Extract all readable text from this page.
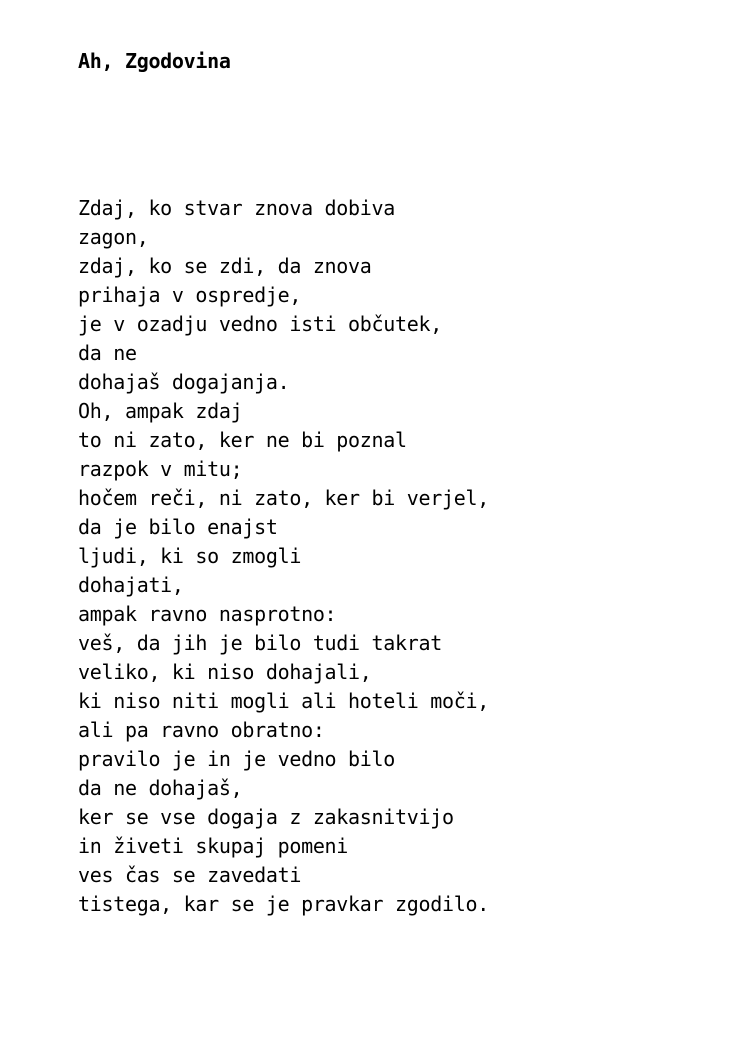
Ah, Zgodovina
Zdaj, ko stvar znova dobiva
zagon,
zdaj, ko se zdi, da znova
prihaja v ospredje,
je v ozadju vedno isti občutek,
da ne
dohajaš dogajanja.
Oh, ampak zdaj
to ni zato, ker ne bi poznal
razpok v mitu;
hočem reči, ni zato, ker bi verjel,
da je bilo enajst
ljudi, ki so zmogli
dohajati,
ampak ravno nasprotno:
veš, da jih je bilo tudi takrat
veliko, ki niso dohajali,
ki niso niti mogli ali hoteli moči,
ali pa ravno obratno:
pravilo je in je vedno bilo
da ne dohajaš,
ker se vse dogaja z zakasnitvijo
in živeti skupaj pomeni
ves čas se zavedati
tistega, kar se je pravkar zgodilo.
